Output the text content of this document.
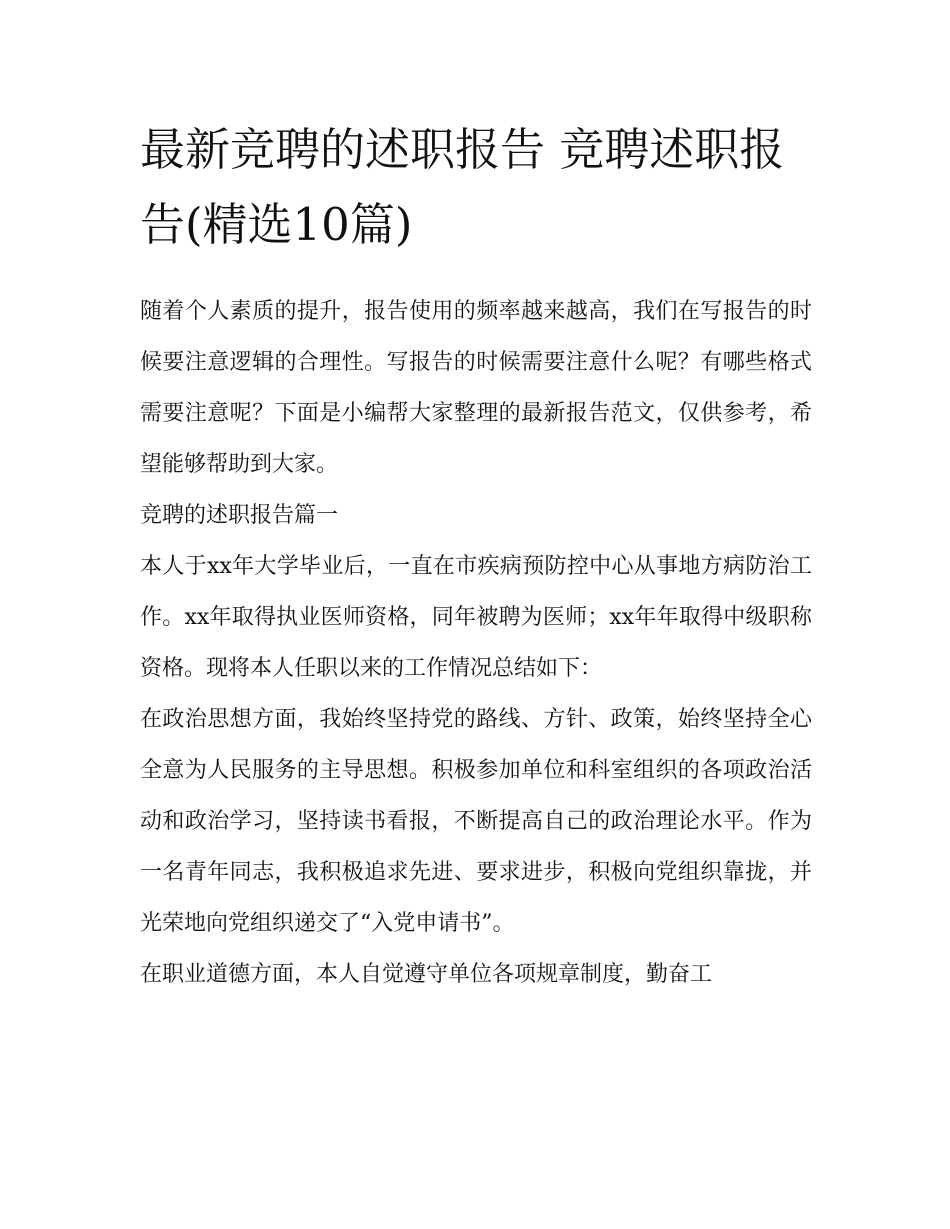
最新竞聘的述职报告 竞聘述职报告(精选10篇)

随着个人素质的提升，报告使用的频率越来越高，我们在写报告的时候要注意逻辑的合理性。写报告的时候需要注意什么呢？有哪些格式需要注意呢？下面是小编帮大家整理的最新报告范文，仅供参考，希望能够帮助到大家。

竞聘的述职报告篇一

本人于xx年大学毕业后，一直在市疾病预防控中心从事地方病防治工作。xx年取得执业医师资格，同年被聘为医师；xx年年取得中级职称资格。现将本人任职以来的工作情况总结如下：

在政治思想方面，我始终坚持党的路线、方针、政策，始终坚持全心全意为人民服务的主导思想。积极参加单位和科室组织的各项政治活动和政治学习，坚持读书看报，不断提高自己的政治理论水平。作为一名青年同志，我积极追求先进、要求进步，积极向党组织靠拢，并光荣地向党组织递交了“入党申请书”。

在职业道德方面，本人自觉遵守单位各项规章制度，勤奋工
